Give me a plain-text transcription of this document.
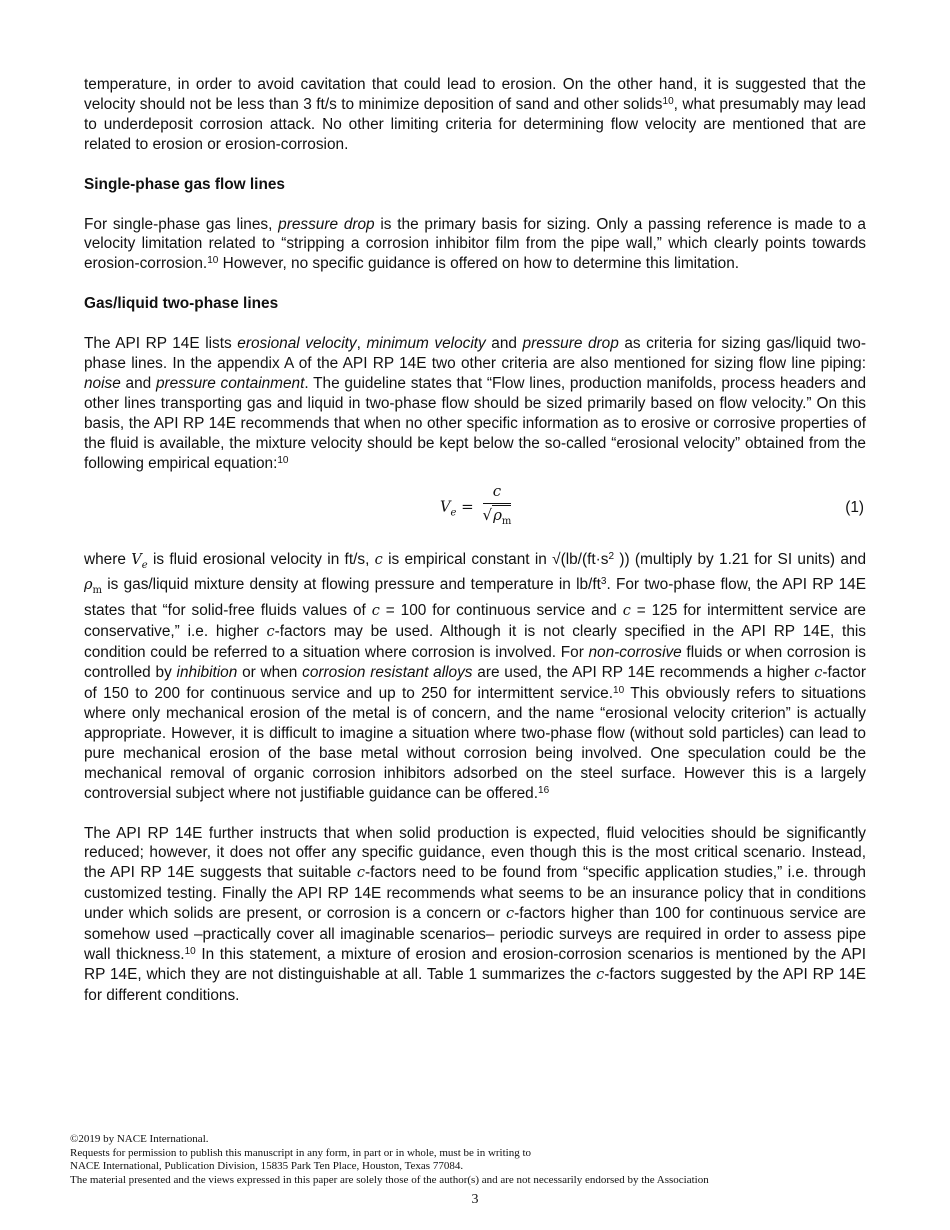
temperature, in order to avoid cavitation that could lead to erosion. On the other hand, it is suggested that the velocity should not be less than 3 ft/s to minimize deposition of sand and other solids$^{10}$, what presumably may lead to underdeposit corrosion attack. No other limiting criteria for determining flow velocity are mentioned that are related to erosion or erosion-corrosion.

Single-phase gas flow lines

For single-phase gas lines, pressure drop is the primary basis for sizing. Only a passing reference is made to a velocity limitation related to “stripping a corrosion inhibitor film from the pipe wall,” which clearly points towards erosion-corrosion.$^{10}$ However, no specific guidance is offered on how to determine this limitation.

Gas/liquid two-phase lines

The API RP 14E lists erosional velocity, minimum velocity and pressure drop as criteria for sizing gas/liquid two-phase lines. In the appendix A of the API RP 14E two other criteria are also mentioned for sizing flow line piping: noise and pressure containment. The guideline states that “Flow lines, production manifolds, process headers and other lines transporting gas and liquid in two-phase flow should be sized primarily based on flow velocity.” On this basis, the API RP 14E recommends that when no other specific information as to erosive or corrosive properties of the fluid is available, the mixture velocity should be kept below the so-called “erosional velocity” obtained from the following empirical equation:$^{10}$

$V_e = \frac{c}{√\rho_m}$	(1)

where $V_e$ is fluid erosional velocity in ft/s, c is empirical constant in $√(lb/(ft\cdot s^2$ )) (multiply by 1.21 for SI units) and $\rho_m$ is gas/liquid mixture density at flowing pressure and temperature in $lb/ft^3$. For two-phase flow, the API RP 14E states that “for solid-free fluids values of c = 100 for continuous service and c = 125 for intermittent service are conservative,” i.e. higher c-factors may be used. Although it is not clearly specified in the API RP 14E, this condition could be referred to a situation where corrosion is involved. For non-corrosive fluids or when corrosion is controlled by inhibition or when corrosion resistant alloys are used, the API RP 14E recommends a higher c-factor of 150 to 200 for continuous service and up to 250 for intermittent service.$^{10}$ This obviously refers to situations where only mechanical erosion of the metal is of concern, and the name “erosional velocity criterion” is actually appropriate. However, it is difficult to imagine a situation where two-phase flow (without sold particles) can lead to pure mechanical erosion of the base metal without corrosion being involved. One speculation could be the mechanical removal of organic corrosion inhibitors adsorbed on the steel surface. However this is a largely controversial subject where not justifiable guidance can be offered.$^{16}$

The API RP 14E further instructs that when solid production is expected, fluid velocities should be significantly reduced; however, it does not offer any specific guidance, even though this is the most critical scenario. Instead, the API RP 14E suggests that suitable c-factors need to be found from “specific application studies,” i.e. through customized testing. Finally the API RP 14E recommends what seems to be an insurance policy that in conditions under which solids are present, or corrosion is a concern or c-factors higher than 100 for continuous service are somehow used –practically cover all imaginable scenarios– periodic surveys are required in order to assess pipe wall thickness.$^{10}$ In this statement, a mixture of erosion and erosion-corrosion scenarios is mentioned by the API RP 14E, which they are not distinguishable at all. Table 1 summarizes the c-factors suggested by the API RP 14E for different conditions.

©2019 by NACE International.
Requests for permission to publish this manuscript in any form, in part or in whole, must be in writing to
NACE International, Publication Division, 15835 Park Ten Place, Houston, Texas 77084.
The material presented and the views expressed in this paper are solely those of the author(s) and are not necessarily endorsed by the Association
3
